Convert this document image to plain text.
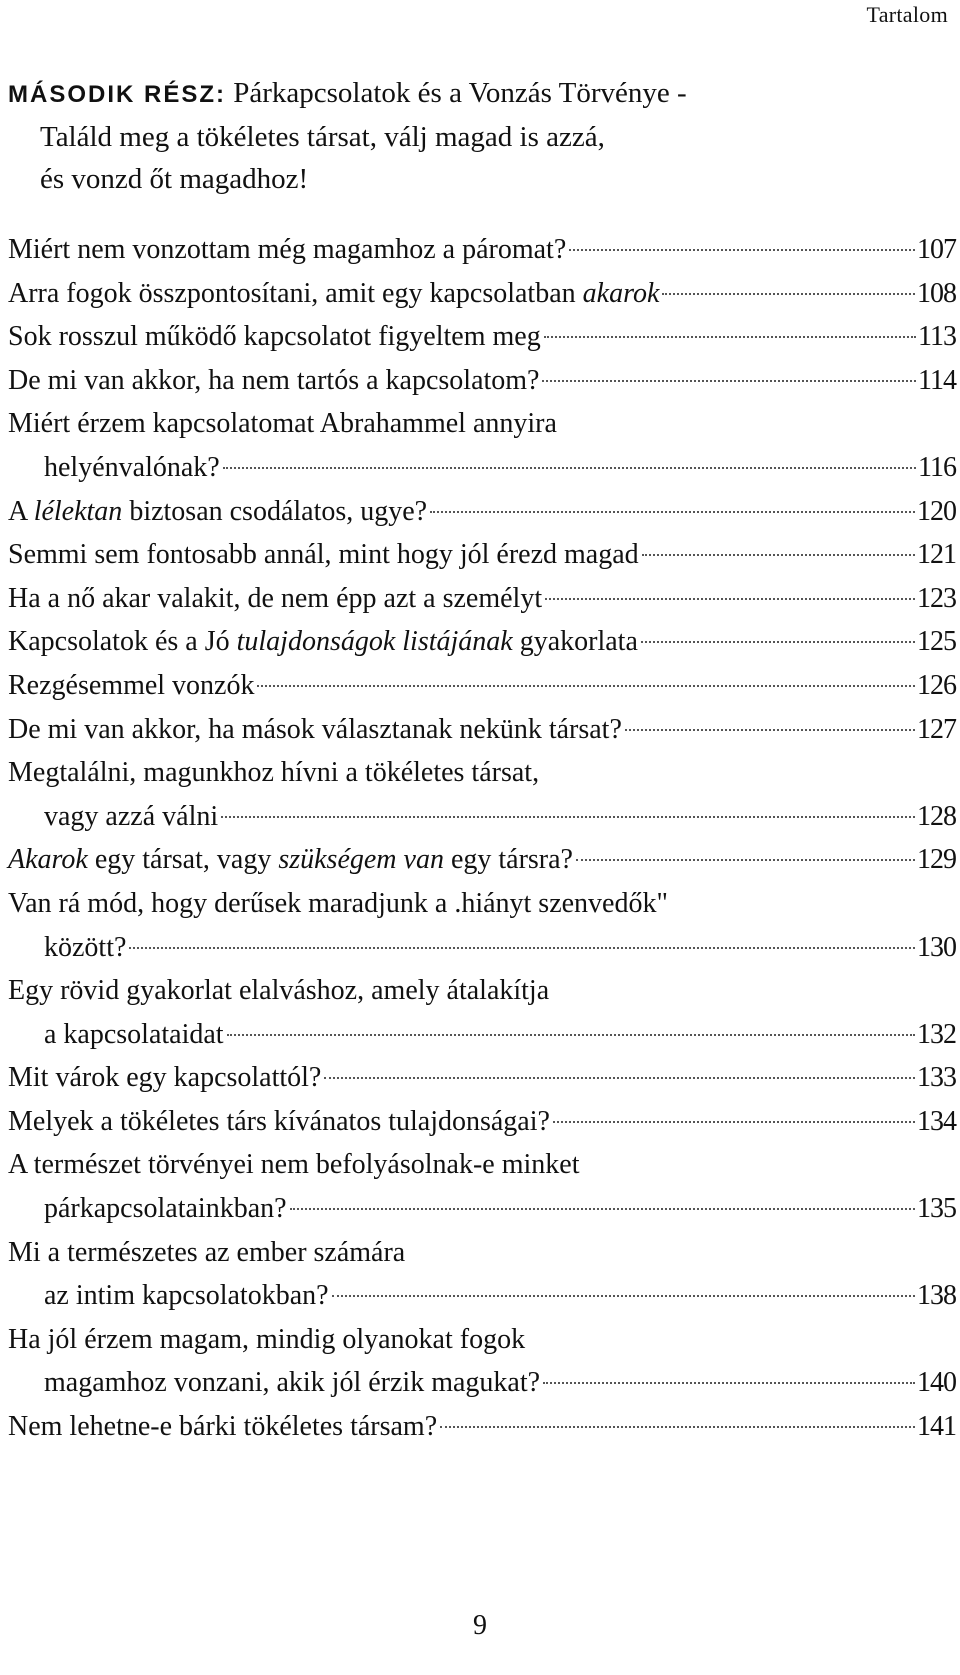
Tartalom
MÁSODIK RÉSZ: Párkapcsolatok és a Vonzás Törvénye -
Találd meg a tökéletes társat, válj magad is azzá,
és vonzd őt magadhoz!
Miért nem vonzottam még magamhoz a páromat?	107
Arra fogok összpontosítani, amit egy kapcsolatban akarok	108
Sok rosszul működő kapcsolatot figyeltem meg	113
De mi van akkor, ha nem tartós a kapcsolatom?	114
Miért érzem kapcsolatomat Abrahammel annyira
helyénvalónak?	116
A lélektan biztosan csodálatos, ugye?	120
Semmi sem fontosabb annál, mint hogy jól érezd magad	121
Ha a nő akar valakit, de nem épp azt a személyt	123
Kapcsolatok és a Jó tulajdonságok listájának gyakorlata	125
Rezgésemmel vonzók	126
De mi van akkor, ha mások választanak nekünk társat?	127
Megtalálni, magunkhoz hívni a tökéletes társat,
vagy azzá válni	128
Akarok egy társat, vagy szükségem van egy társra?	129
Van rá mód, hogy derűsek maradjunk a .hiányt szenvedők"
között?	130
Egy rövid gyakorlat elalváshoz, amely átalakítja
a kapcsolataidat	132
Mit várok egy kapcsolattól?	133
Melyek a tökéletes társ kívánatos tulajdonságai?	134
A természet törvényei nem befolyásolnak-e minket
párkapcsolatainkban?	135
Mi a természetes az ember számára
az intim kapcsolatokban?	138
Ha jól érzem magam, mindig olyanokat fogok
magamhoz vonzani, akik jól érzik magukat?	140
Nem lehetne-e bárki tökéletes társam?	141
9
